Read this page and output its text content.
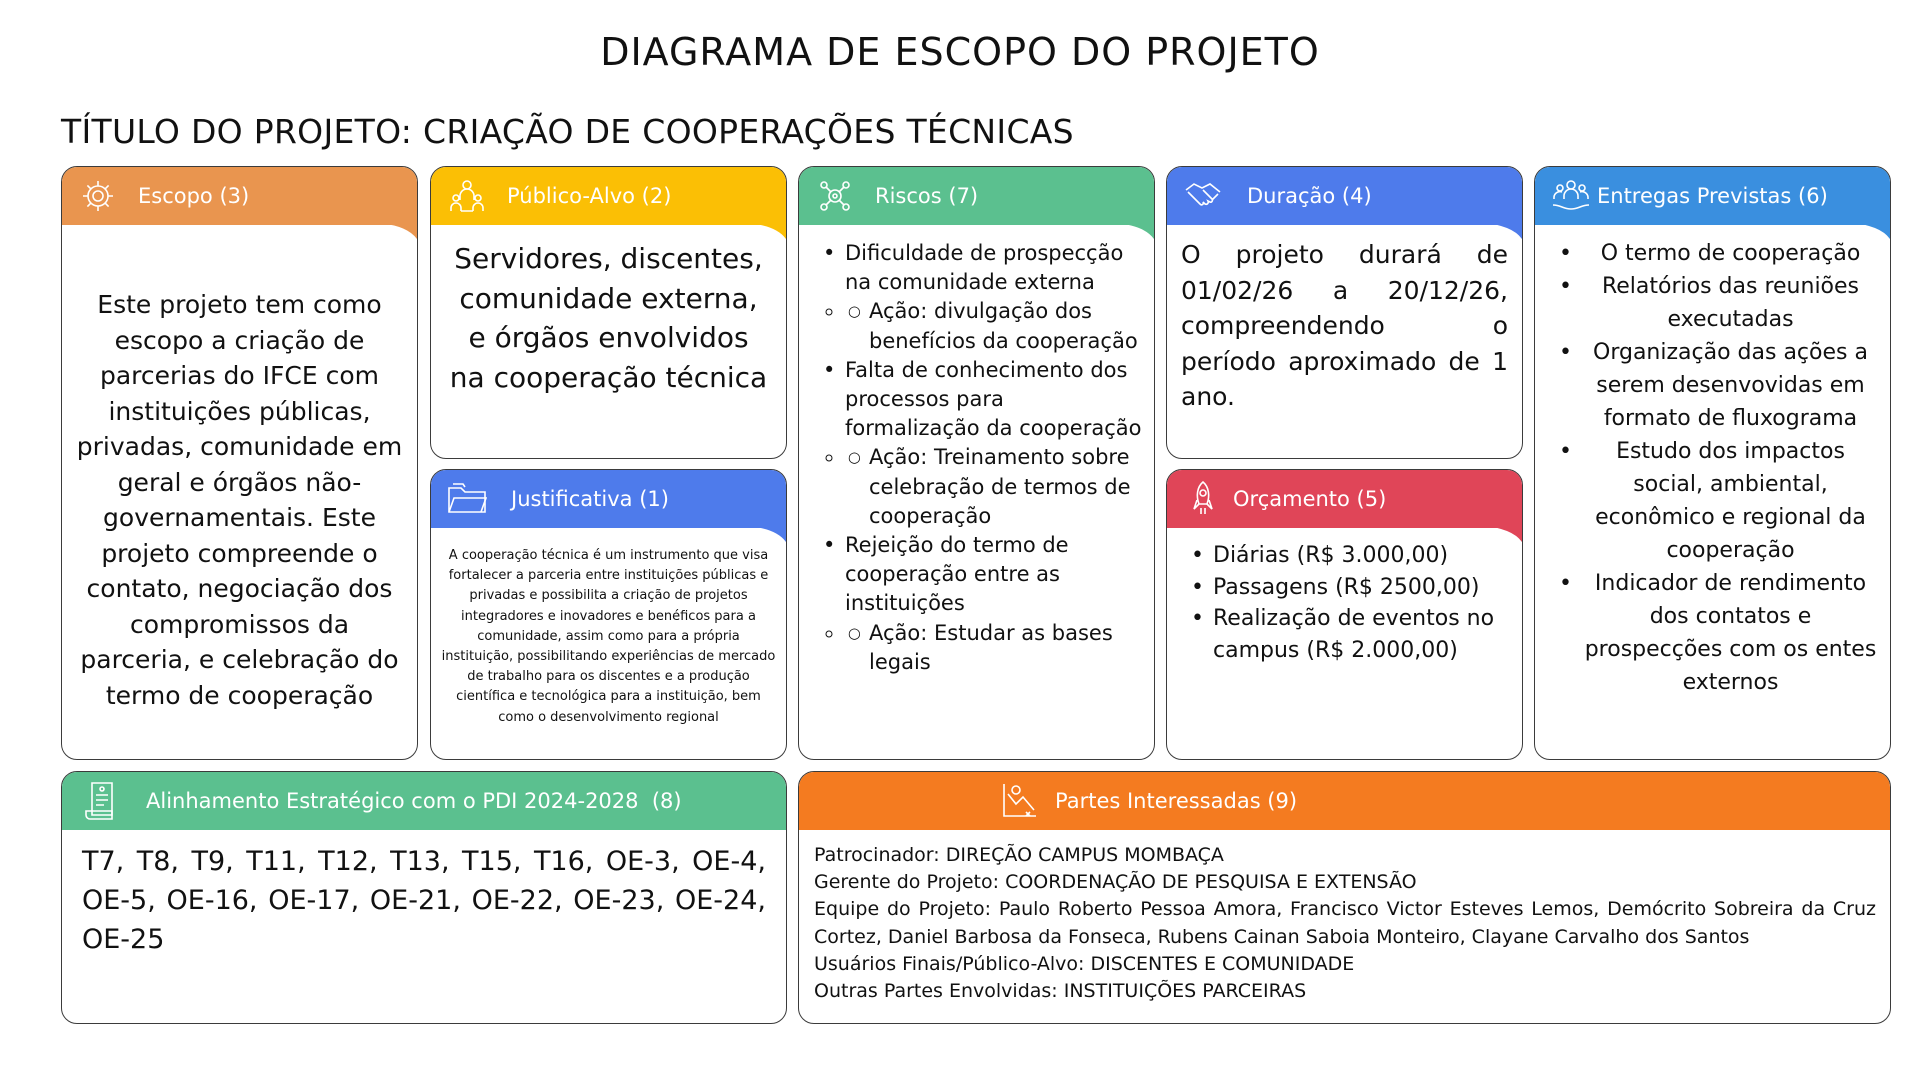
DIAGRAMA DE ESCOPO DO PROJETO
TÍTULO DO PROJETO: CRIAÇÃO DE COOPERAÇÕES TÉCNICAS
Escopo (3)
Este projeto tem como escopo a criação de parcerias do IFCE com instituições públicas, privadas, comunidade em geral e órgãos não-governamentais. Este projeto compreende o contato, negociação dos compromissos da parceria, e celebração do termo de cooperação
Público-Alvo (2)
Servidores, discentes, comunidade externa, e órgãos envolvidos na cooperação técnica
Justificativa (1)
A cooperação técnica é um instrumento que visa fortalecer a parceria entre instituições públicas e privadas e possibilita a criação de projetos integradores e inovadores e benéficos para a comunidade, assim como para a própria instituição, possibilitando experiências de mercado de trabalho para os discentes e a produção científica e tecnológica para a instituição, bem como o desenvolvimento regional
Riscos (7)
• Dificuldade de prospecção na comunidade externa
○ ◦ Ação: divulgação dos benefícios da cooperação
• Falta de conhecimento dos processos para formalização da cooperação
○ ◦ Ação: Treinamento sobre celebração de termos de cooperação
• Rejeição do termo de cooperação entre as instituições
○ ◦ Ação: Estudar as bases legais
Duração (4)
O projeto durará de 01/02/26 a 20/12/26, compreendendo o período aproximado de 1 ano.
Orçamento (5)
• Diárias (R$ 3.000,00)
• Passagens (R$ 2500,00)
• Realização de eventos no campus (R$ 2.000,00)
Entregas Previstas (6)
• O termo de cooperação
• Relatórios das reuniões executadas
• Organização das ações a serem desenvovidas em formato de fluxograma
• Estudo dos impactos social, ambiental, econômico e regional da cooperação
• Indicador de rendimento dos contatos e prospecções com os entes externos
Alinhamento Estratégico com o PDI 2024-2028  (8)
T7, T8, T9, T11, T12, T13, T15, T16, OE-3, OE-4, OE-5, OE-16, OE-17, OE-21, OE-22, OE-23, OE-24, OE-25
Partes Interessadas (9)
Patrocinador: DIREÇÃO CAMPUS MOMBAÇA
Gerente do Projeto: COORDENAÇÃO DE PESQUISA E EXTENSÃO
Equipe do Projeto: Paulo Roberto Pessoa Amora, Francisco Victor Esteves Lemos, Demócrito Sobreira da Cruz Cortez, Daniel Barbosa da Fonseca, Rubens Cainan Saboia Monteiro, Clayane Carvalho dos Santos
Usuários Finais/Público-Alvo: DISCENTES E COMUNIDADE
Outras Partes Envolvidas: INSTITUIÇÕES PARCEIRAS
